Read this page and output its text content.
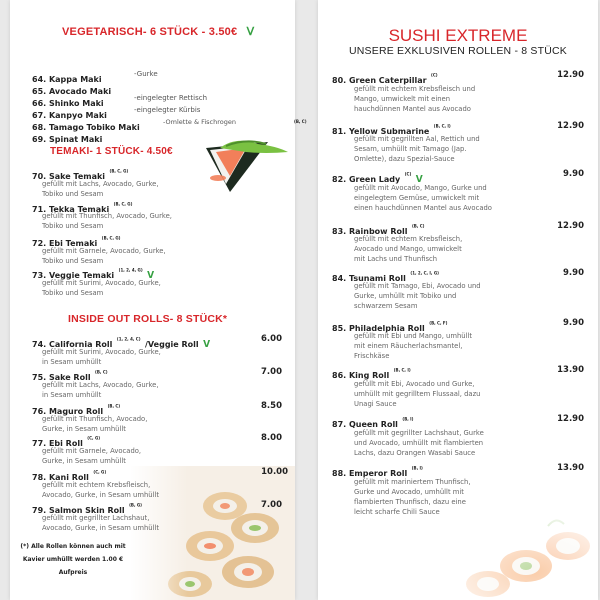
VEGETARISCH- 6 STÜCK - 3.50€ ᐯ
64. Kappa Maki
-Gurke
65. Avocado Maki
66. Shinko Maki
-eingelegter Rettisch
67. Kanpyo Maki
-eingelegter Kürbis
68. Tamago Tobiko Maki
-Omlette & Fischrogen	(B, C)
69. Spinat Maki
TEMAKI- 1 STÜCK- 4.50€
70. Sake Temaki $^{(B, C, G)}$
gefüllt mit Lachs, Avocado, Gurke,
Tobiko und Sesam
71. Tekka Temaki $^{(B, C, G)}$
gefüllt mit Thunfisch, Avocado, Gurke,
Tobiko und Sesam
72. Ebi Temaki $^{(B, C, G)}$
gefüllt mit Garnele, Avocado, Gurke,
Tobiko und Sesam
73. Veggie Temaki $^{(1, 2, 4, G)}$ ᐯ
gefüllt mit Surimi, Avocado, Gurke,
Tobiko und Sesam
INSIDE OUT ROLLS- 8 STÜCK*
74. California Roll $^{(1, 2, 4, C)}$ /Veggie Roll ᐯ	6.00
gefüllt mit Surimi, Avocado, Gurke,
in Sesam umhüllt
75. Sake Roll $^{(B, C)}$	7.00
gefüllt mit Lachs, Avocado, Gurke,
in Sesam umhüllt
76. Maguro Roll $^{(B, C)}$	8.50
gefüllt mit Thunfisch, Avocado,
Gurke, in Sesam umhüllt
77. Ebi Roll $^{(C, G)}$	8.00
gefüllt mit Garnele, Avocado,
Gurke, in Sesam umhüllt
78. Kani Roll $^{(C, G)}$	10.00
gefüllt mit echtem Krebsfleisch,
Avocado, Gurke, in Sesam umhüllt
79. Salmon Skin Roll $^{(B, G)}$	7.00
gefüllt mit gegrillter Lachshaut,
Avocado, Gurke, in Sesam umhüllt
(*) Alle Rollen können auch mit Kavier umhüllt werden 1.00 € Aufpreis
SUSHI EXTREME
UNSERE EXKLUSIVEN ROLLEN - 8 STÜCK
80. Green Caterpillar $^{(C)}$	12.90
gefüllt mit echtem Krebsfleisch und
Mango, umwickelt mit einen
hauchdünnen Mantel aus Avocado
81. Yellow Submarine $^{(B, C, I)}$	12.90
gefüllt mit gegrillten Aal, Rettich und
Sesam, umhüllt mit Tamago (Jap.
Omlette), dazu Spezial-Sauce
82. Green Lady $^{(C)}$ ᐯ	9.90
gefüllt mit Avocado, Mango, Gurke und
eingelegtem Gemüse, umwickelt mit
einen hauchdünnen Mantel aus Avocado
83. Rainbow Roll $^{(B, C)}$	12.90
gefüllt mit echtem Krebsfleisch,
Avocado und Mango, umwickelt
mit Lachs und Thunfisch
84. Tsunami Roll $^{(1, 2, C, I, G)}$	9.90
gefüllt mit Tamago, Ebi, Avocado und
Gurke, umhüllt mit Tobiko und
schwarzem Sesam
85. Philadelphia Roll $^{(B, C, F)}$	9.90
gefüllt mit Ebi und Mango, umhüllt
mit einem Räucherlachsmantel,
Frischkäse
86. King Roll $^{(B, C, I)}$	13.90
gefüllt mit Ebi, Avocado und Gurke,
umhüllt mit gegrilltem Flussaal, dazu
Unagi Sauce
87. Queen Roll $^{(B, I)}$	12.90
gefüllt mit gegrillter Lachshaut, Gurke
und Avocado, umhüllt mit flambierten
Lachs, dazu Orangen Wasabi Sauce
88. Emperor Roll $^{(B, I)}$	13.90
gefüllt mit mariniertem Thunfisch,
Gurke und Avocado, umhüllt mit
flambierten Thunfisch, dazu eine
leicht scharfe Chili Sauce
